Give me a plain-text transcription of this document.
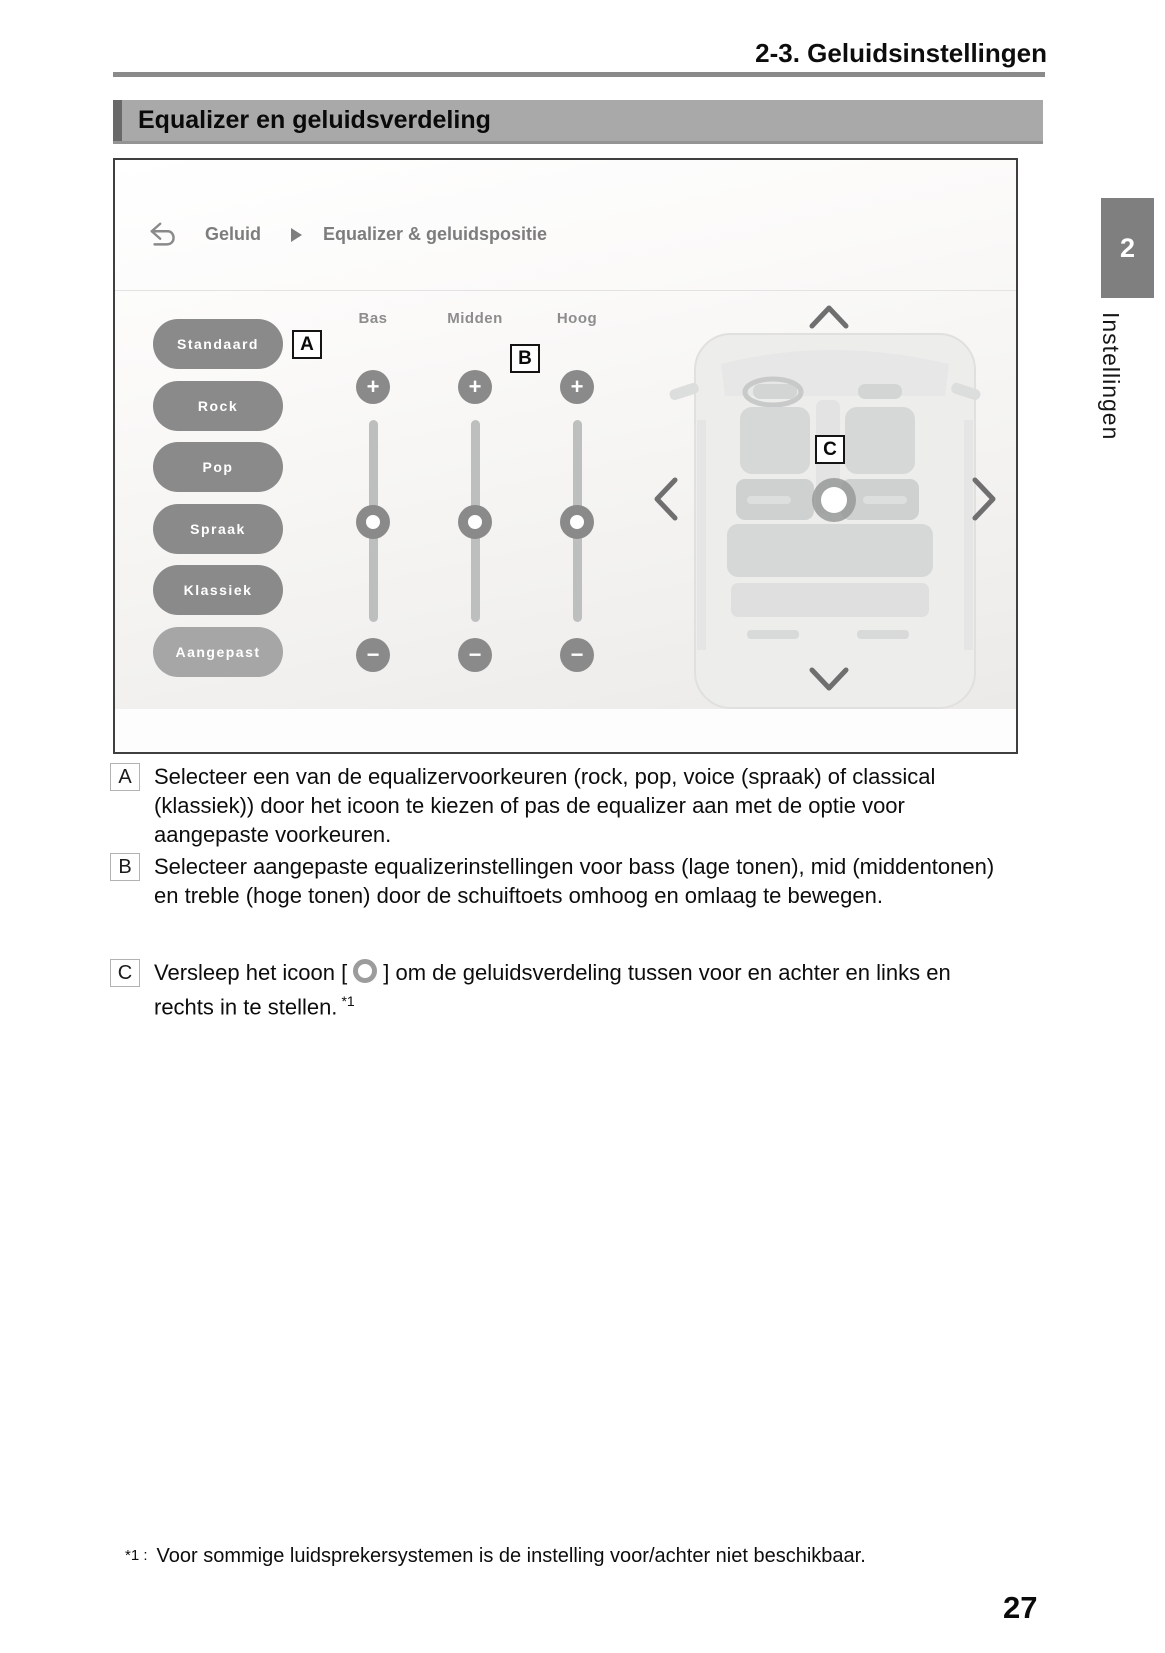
2-3. Geluidsinstellingen
Equalizer en geluidsverdeling
2
Instellingen
Geluid	Equalizer & geluidspositie
Standaard
Rock
Pop
Spraak
Klassiek
Aangepast
A
B
Bas	Midden	Hoog
+	+	+
−	−	−
C
A	Selecteer een van de equalizervoorkeuren (rock, pop, voice (spraak) of classical (klassiek)) door het icoon te kiezen of pas de equalizer aan met de optie voor aangepaste voorkeuren.
B	Selecteer aangepaste equalizerinstellingen voor bass (lage tonen), mid (middentonen) en treble (hoge tonen) door de schuiftoets omhoog en omlaag te bewegen.
C Versleep het icoon [ ] om de geluidsverdeling tussen voor en achter en links en rechts in te stellen. $^{*1}$
*1 : Voor sommige luidsprekersystemen is de instelling voor/achter niet beschikbaar.
27
